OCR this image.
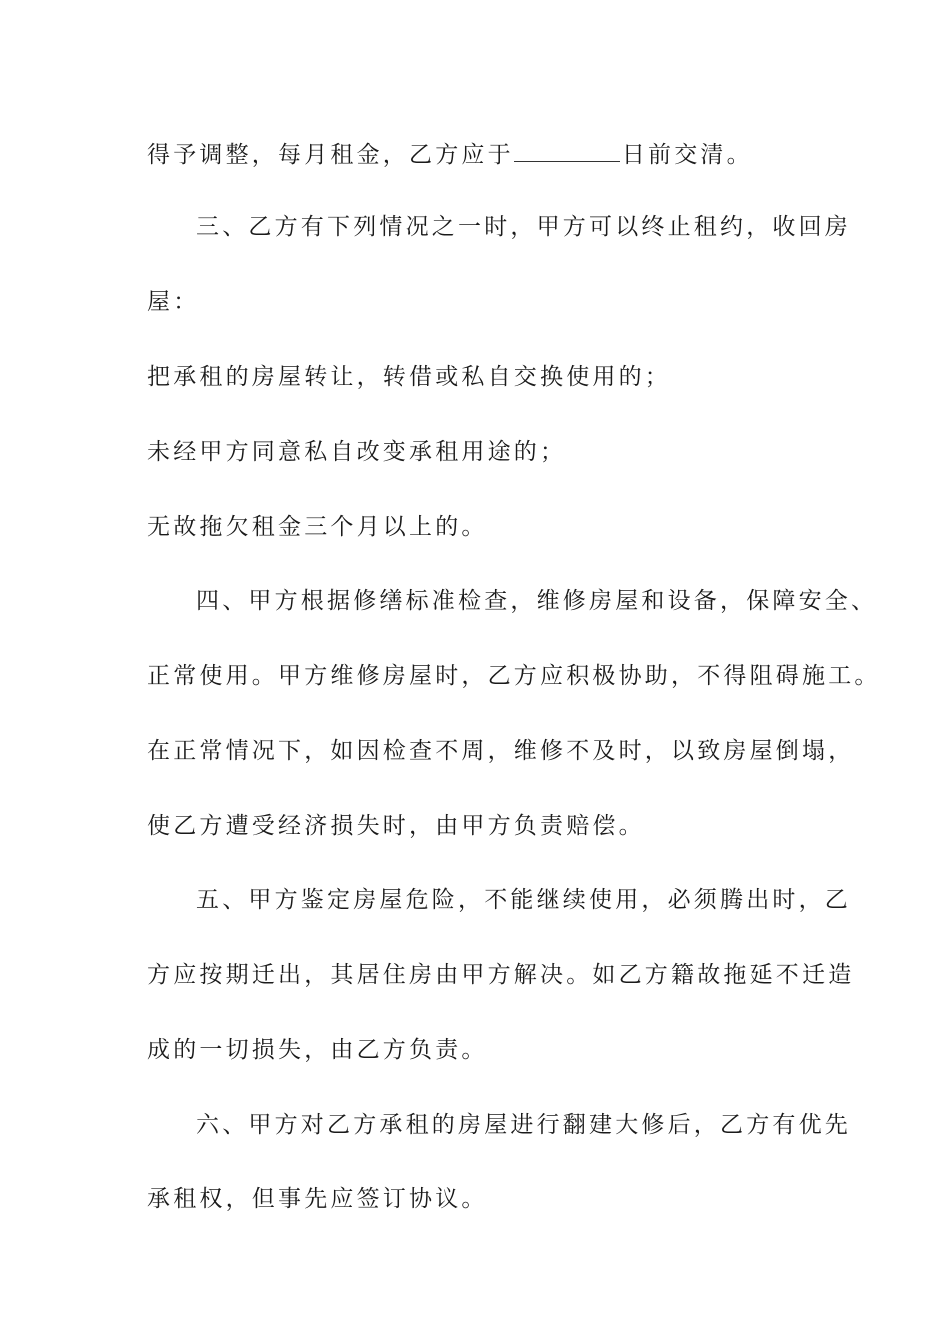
得予调整，每月租金，乙方应于	日前交清。
三、乙方有下列情况之一时，甲方可以终止租约，收回房
屋：
把承租的房屋转让，转借或私自交换使用的；
未经甲方同意私自改变承租用途的；
无故拖欠租金三个月以上的。
四、甲方根据修缮标准检查，维修房屋和设备，保障安全、
正常使用。甲方维修房屋时，乙方应积极协助，不得阻碍施工。
在正常情况下，如因检查不周，维修不及时，以致房屋倒塌，
使乙方遭受经济损失时，由甲方负责赔偿。
五、甲方鉴定房屋危险，不能继续使用，必须腾出时，乙
方应按期迁出，其居住房由甲方解决。如乙方籍故拖延不迁造
成的一切损失，由乙方负责。
六、甲方对乙方承租的房屋进行翻建大修后，乙方有优先
承租权，但事先应签订协议。
